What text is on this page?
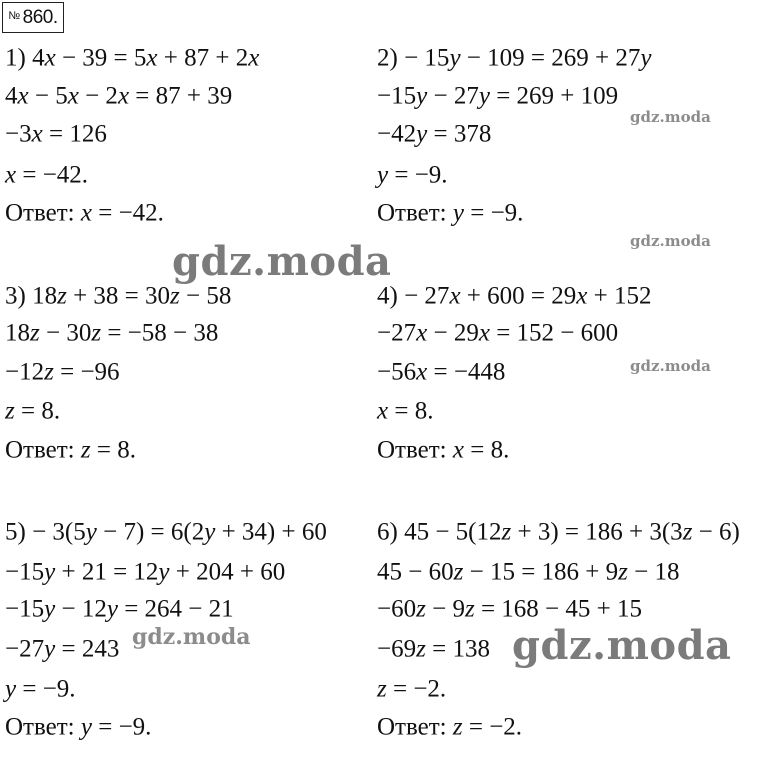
№ 860.
1) 4x − 39 = 5x + 87 + 2x
4x − 5x − 2x = 87 + 39
−3x = 126
x = −42.
Ответ: x = −42.
2) − 15y − 109 = 269 + 27y
−15y − 27y = 269 + 109
−42y = 378
y = −9.
Ответ: y = −9.
3) 18z + 38 = 30z − 58
18z − 30z = −58 − 38
−12z = −96
z = 8.
Ответ: z = 8.
4) − 27x + 600 = 29x + 152
−27x − 29x = 152 − 600
−56x = −448
x = 8.
Ответ: x = 8.
5) − 3(5y − 7) = 6(2y + 34) + 60
−15y + 21 = 12y + 204 + 60
−15y − 12y = 264 − 21
−27y = 243
y = −9.
Ответ: y = −9.
6) 45 − 5(12z + 3) = 186 + 3(3z − 6)
45 − 60z − 15 = 186 + 9z − 18
−60z − 9z = 168 − 45 + 15
−69z = 138
z = −2.
Ответ: z = −2.
gdz.moda
gdz.moda
gdz.moda
gdz.moda
gdz.moda	gdz.moda
